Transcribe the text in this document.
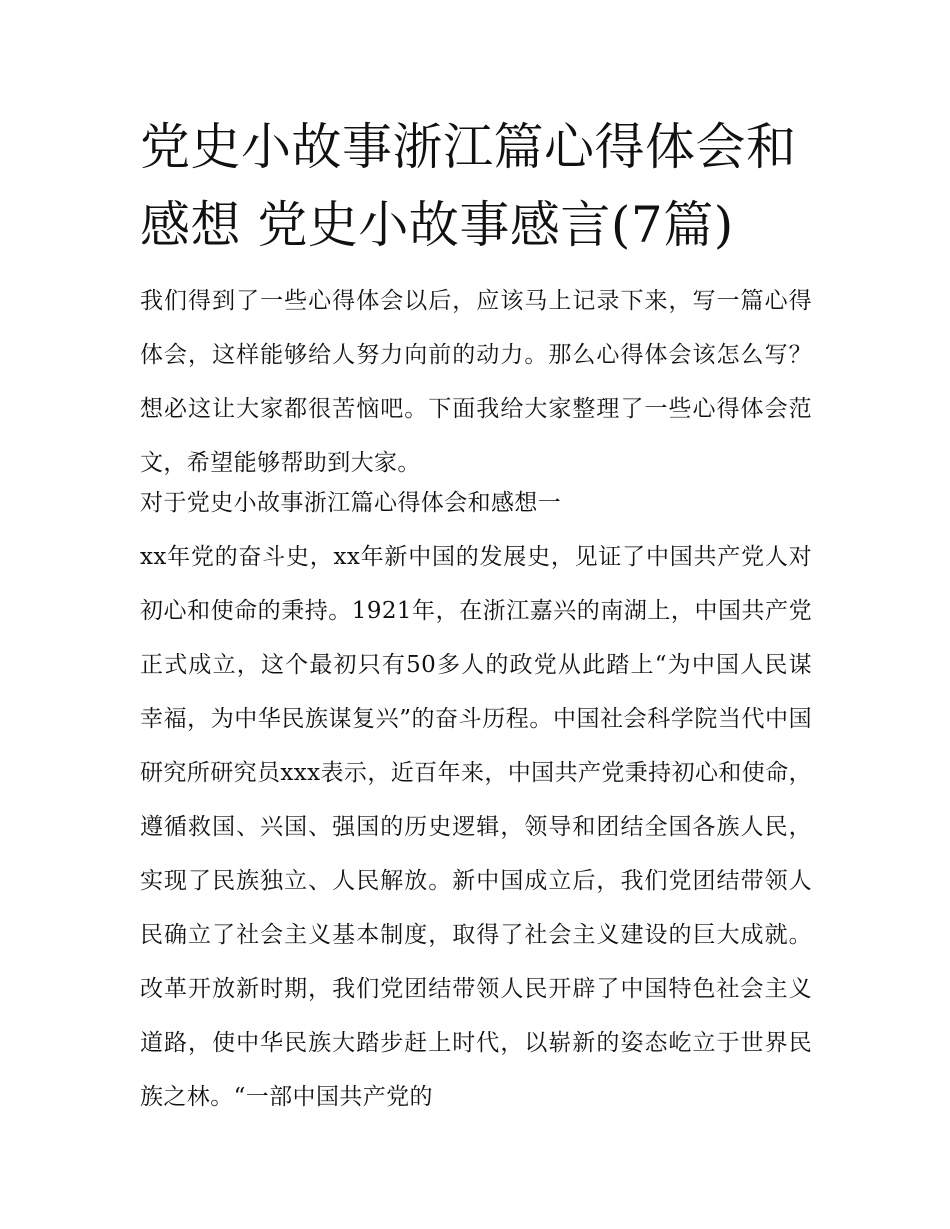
党史小故事浙江篇心得体会和感想 党史小故事感言(7篇)

我们得到了一些心得体会以后，应该马上记录下来，写一篇心得体会，这样能够给人努力向前的动力。那么心得体会该怎么写？想必这让大家都很苦恼吧。下面我给大家整理了一些心得体会范文，希望能够帮助到大家。

对于党史小故事浙江篇心得体会和感想一

xx年党的奋斗史，xx年新中国的发展史，见证了中国共产党人对初心和使命的秉持。1921年，在浙江嘉兴的南湖上，中国共产党正式成立，这个最初只有50多人的政党从此踏上“为中国人民谋幸福，为中华民族谋复兴”的奋斗历程。中国社会科学院当代中国研究所研究员xxx表示，近百年来，中国共产党秉持初心和使命，遵循救国、兴国、强国的历史逻辑，领导和团结全国各族人民，实现了民族独立、人民解放。新中国成立后，我们党团结带领人民确立了社会主义基本制度，取得了社会主义建设的巨大成就。改革开放新时期，我们党团结带领人民开辟了中国特色社会主义道路，使中华民族大踏步赶上时代，以崭新的姿态屹立于世界民族之林。“一部中国共产党的
